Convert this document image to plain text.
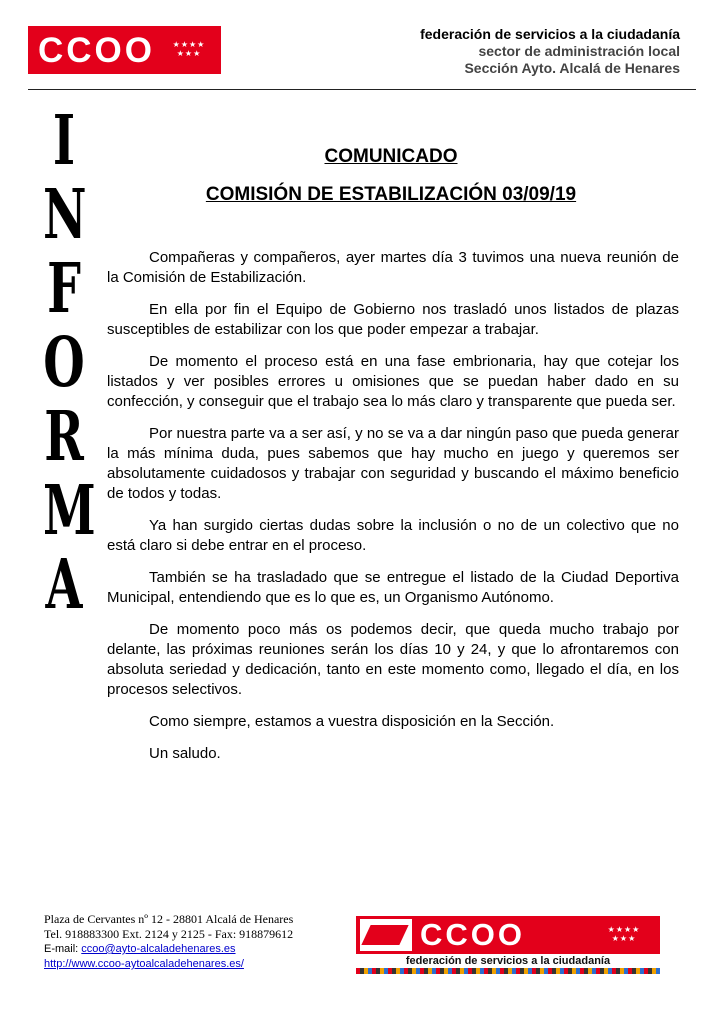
CCOO	★★★★ ★★★
federación de servicios a la ciudadanía
sector de administración local
Sección Ayto. Alcalá de Henares
I
N
F
O
R
M
A
COMUNICADO
COMISIÓN DE ESTABILIZACIÓN 03/09/19

Compañeras y compañeros, ayer martes día 3 tuvimos una nueva reunión de la Comisión de Estabilización.

En ella por fin el Equipo de Gobierno nos trasladó unos listados de plazas susceptibles de estabilizar con los que poder empezar a trabajar.

De momento el proceso está en una fase embrionaria, hay que cotejar los listados y ver posibles errores u omisiones que se puedan haber dado en su confección, y conseguir que el trabajo sea lo más claro y transparente que pueda ser.

Por nuestra parte va a ser así, y no se va a dar ningún paso que pueda generar la más mínima duda, pues sabemos que hay mucho en juego y queremos ser absolutamente cuidadosos y trabajar con seguridad y buscando el máximo beneficio de todos y todas.

Ya han surgido ciertas dudas sobre la inclusión o no de un colectivo que no está claro si debe entrar en el proceso.

También se ha trasladado que se entregue el listado de la Ciudad Deportiva Municipal, entendiendo que es lo que es, un Organismo Autónomo.

De momento poco más os podemos decir, que queda mucho trabajo por delante, las próximas reuniones serán los días 10 y 24, y que lo afrontaremos con absoluta seriedad y dedicación, tanto en este momento como, llegado el día, en los procesos selectivos.

Como siempre, estamos a vuestra disposición en la Sección.

Un saludo.

Plaza de Cervantes nº 12 - 28801 Alcalá de Henares
Tel. 918883300 Ext. 2124 y 2125 - Fax: 918879612
E-mail: ccoo@ayto-alcaladehenares.es
http://www.ccoo-aytoalcaladehenares.es/
CCOO	★★★★ ★★★
federación de servicios a la ciudadanía
